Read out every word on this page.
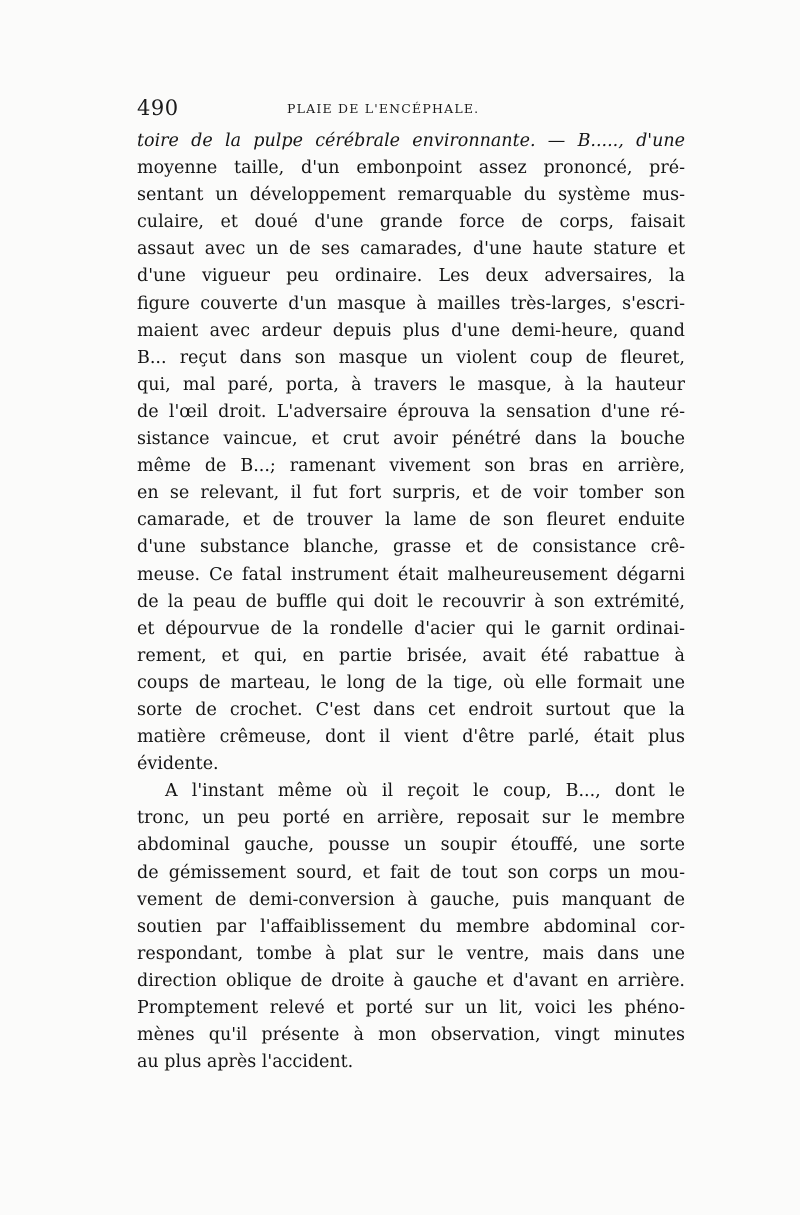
490	PLAIE DE L'ENCÉPHALE.
toire de la pulpe cérébrale environnante. — B....., d'une
moyenne taille, d'un embonpoint assez prononcé, pré-
sentant un développement remarquable du système mus-
culaire, et doué d'une grande force de corps, faisait
assaut avec un de ses camarades, d'une haute stature et
d'une vigueur peu ordinaire. Les deux adversaires, la
figure couverte d'un masque à mailles très-larges, s'escri-
maient avec ardeur depuis plus d'une demi-heure, quand
B... reçut dans son masque un violent coup de fleuret,
qui, mal paré, porta, à travers le masque, à la hauteur
de l'œil droit. L'adversaire éprouva la sensation d'une ré-
sistance vaincue, et crut avoir pénétré dans la bouche
même de B...; ramenant vivement son bras en arrière,
en se relevant, il fut fort surpris, et de voir tomber son
camarade, et de trouver la lame de son fleuret enduite
d'une substance blanche, grasse et de consistance crê-
meuse. Ce fatal instrument était malheureusement dégarni
de la peau de buffle qui doit le recouvrir à son extrémité,
et dépourvue de la rondelle d'acier qui le garnit ordinai-
rement, et qui, en partie brisée, avait été rabattue à
coups de marteau, le long de la tige, où elle formait une
sorte de crochet. C'est dans cet endroit surtout que la
matière crêmeuse, dont il vient d'être parlé, était plus
évidente.
A l'instant même où il reçoit le coup, B..., dont le
tronc, un peu porté en arrière, reposait sur le membre
abdominal gauche, pousse un soupir étouffé, une sorte
de gémissement sourd, et fait de tout son corps un mou-
vement de demi-conversion à gauche, puis manquant de
soutien par l'affaiblissement du membre abdominal cor-
respondant, tombe à plat sur le ventre, mais dans une
direction oblique de droite à gauche et d'avant en arrière.
Promptement relevé et porté sur un lit, voici les phéno-
mènes qu'il présente à mon observation, vingt minutes
au plus après l'accident.
